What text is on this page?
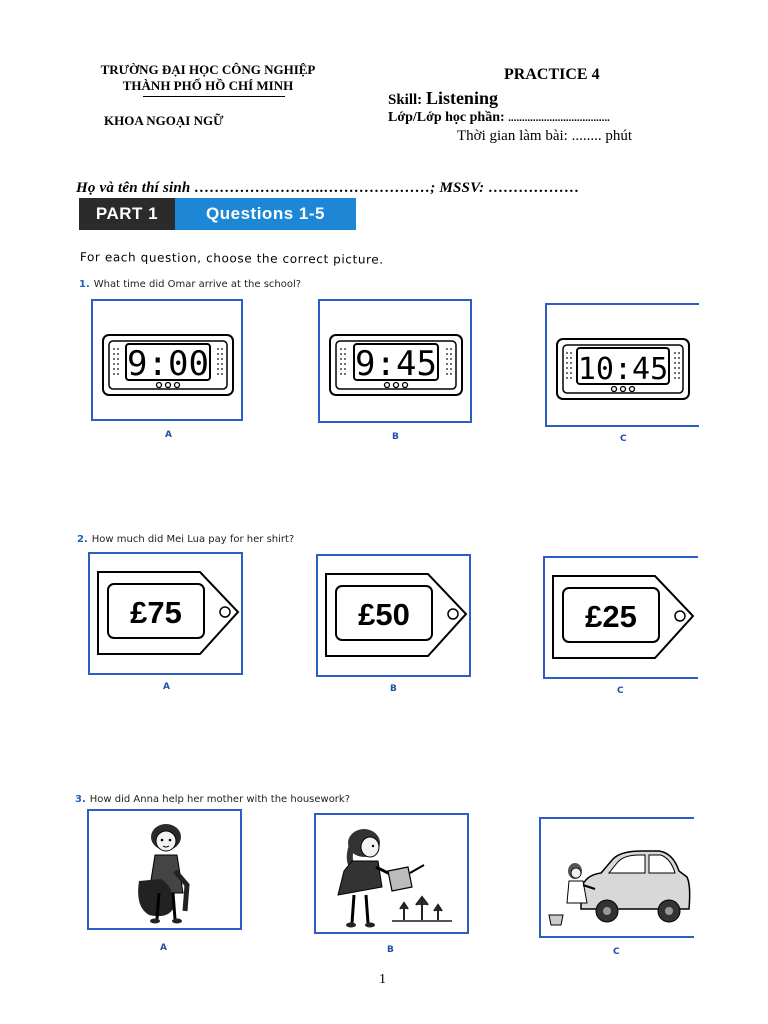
TRƯỜNG ĐẠI HỌC CÔNG NGHIỆP
THÀNH PHỐ HỒ CHÍ MINH
KHOA NGOẠI NGỮ
PRACTICE 4
Skill: Listening
Lớp/Lớp học phần: .....................................
Thời gian làm bài: ........ phút
Họ và tên thí sinh ……………………..…………………; MSSV: ………………
PART 1	Questions 1-5
For each question, choose the correct picture.
1. What time did Omar arrive at the school?
9:00	9:45	10:45
A	B	C
2. How much did Mei Lua pay for her shirt?
£75	£50	£25
A	B	C
3. How did Anna help her mother with the housework?
A	B	C
1
